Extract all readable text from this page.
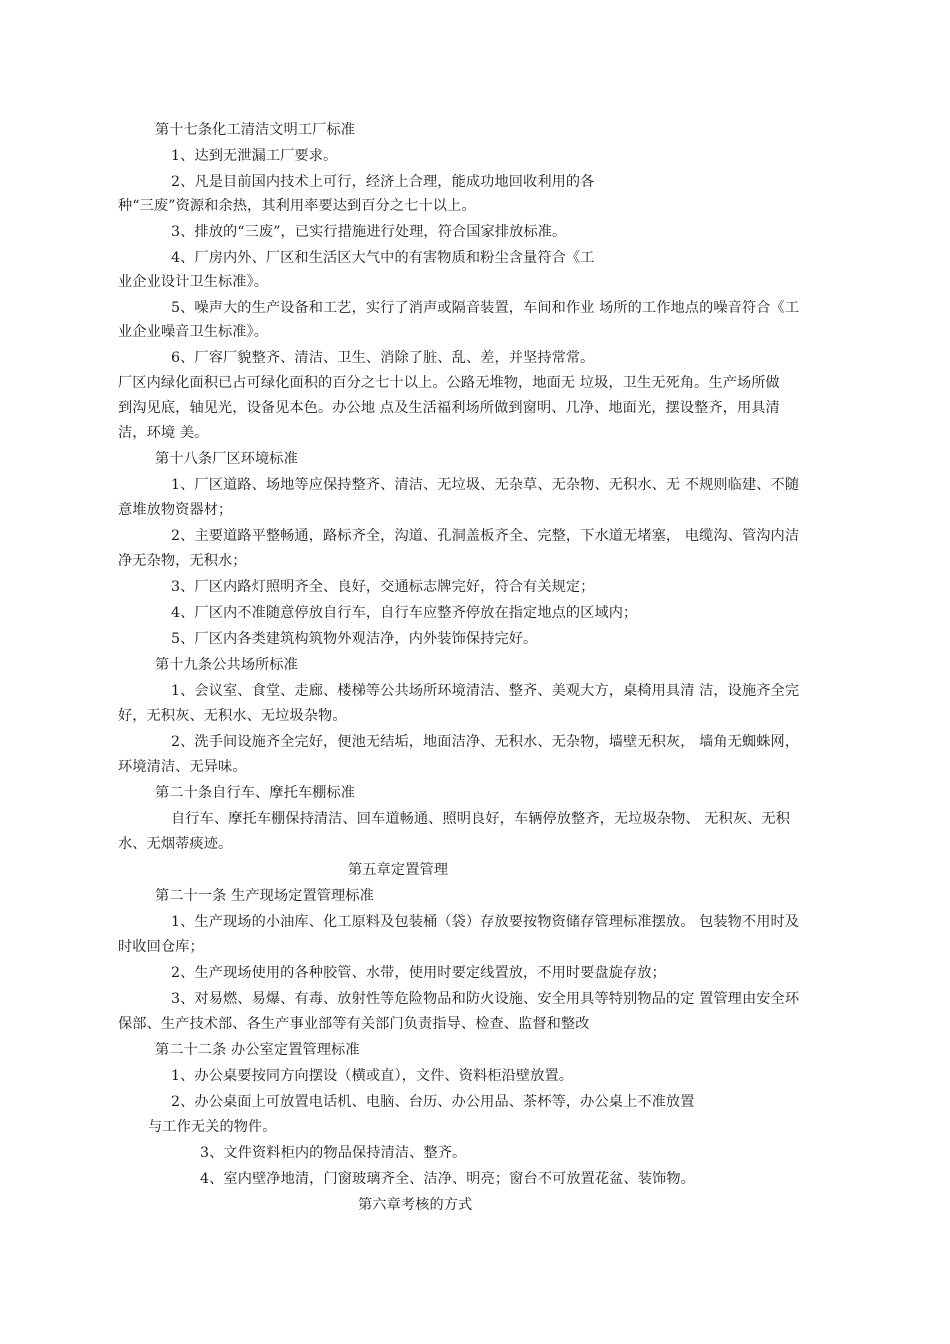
第十七条化工清洁文明工厂标准
1、达到无泄漏工厂要求。
2、凡是目前国内技术上可行，经济上合理，能成功地回收利用的各
种“三废”资源和余热，其利用率要达到百分之七十以上。
3、排放的“三废”，已实行措施进行处理，符合国家排放标准。
4、厂房内外、厂区和生活区大气中的有害物质和粉尘含量符合《工
业企业设计卫生标准》。
5、噪声大的生产设备和工艺，实行了消声或隔音装置，车间和作业 场所的工作地点的噪音符合《工
业企业噪音卫生标准》。
6、厂容厂貌整齐、清洁、卫生、消除了脏、乱、差，并坚持常常。
厂区内绿化面积已占可绿化面积的百分之七十以上。公路无堆物，地面无 垃圾，卫生无死角。生产场所做
到沟见底，轴见光，设备见本色。办公地 点及生活福利场所做到窗明、几净、地面光，摆设整齐，用具清
洁，环境 美。
第十八条厂区环境标准
1、厂区道路、场地等应保持整齐、清洁、无垃圾、无杂草、无杂物、无积水、无 不规则临建、不随
意堆放物资器材；
2、主要道路平整畅通，路标齐全，沟道、孔洞盖板齐全、完整，下水道无堵塞， 电缆沟、管沟内洁
净无杂物，无积水；
3、厂区内路灯照明齐全、良好，交通标志牌完好，符合有关规定；
4、厂区内不准随意停放自行车，自行车应整齐停放在指定地点的区域内；
5、厂区内各类建筑构筑物外观洁净，内外装饰保持完好。
第十九条公共场所标准
1、会议室、食堂、走廊、楼梯等公共场所环境清洁、整齐、美观大方，桌椅用具清 洁，设施齐全完
好，无积灰、无积水、无垃圾杂物。
2、洗手间设施齐全完好，便池无结垢，地面洁净、无积水、无杂物，墙壁无积灰， 墙角无蜘蛛网，
环境清洁、无异味。
第二十条自行车、摩托车棚标准
自行车、摩托车棚保持清洁、回车道畅通、照明良好，车辆停放整齐，无垃圾杂物、 无积灰、无积
水、无烟蒂痰迹。
第五章定置管理
第二十一条 生产现场定置管理标准
1、生产现场的小油库、化工原料及包装桶（袋）存放要按物资储存管理标准摆放。 包装物不用时及
时收回仓库；
2、生产现场使用的各种胶管、水带，使用时要定线置放，不用时要盘旋存放；
3、对易燃、易爆、有毒、放射性等危险物品和防火设施、安全用具等特别物品的定 置管理由安全环
保部、生产技术部、各生产事业部等有关部门负责指导、检查、监督和整改
第二十二条 办公室定置管理标准
1、办公桌要按同方向摆设（横或直），文件、资料柜沿壁放置。
2、办公桌面上可放置电话机、电脑、台历、办公用品、茶杯等，办公桌上不准放置
与工作无关的物件。
3、文件资料柜内的物品保持清洁、整齐。
4、室内壁净地清，门窗玻璃齐全、洁净、明亮；窗台不可放置花盆、装饰物。
第六章考核的方式
